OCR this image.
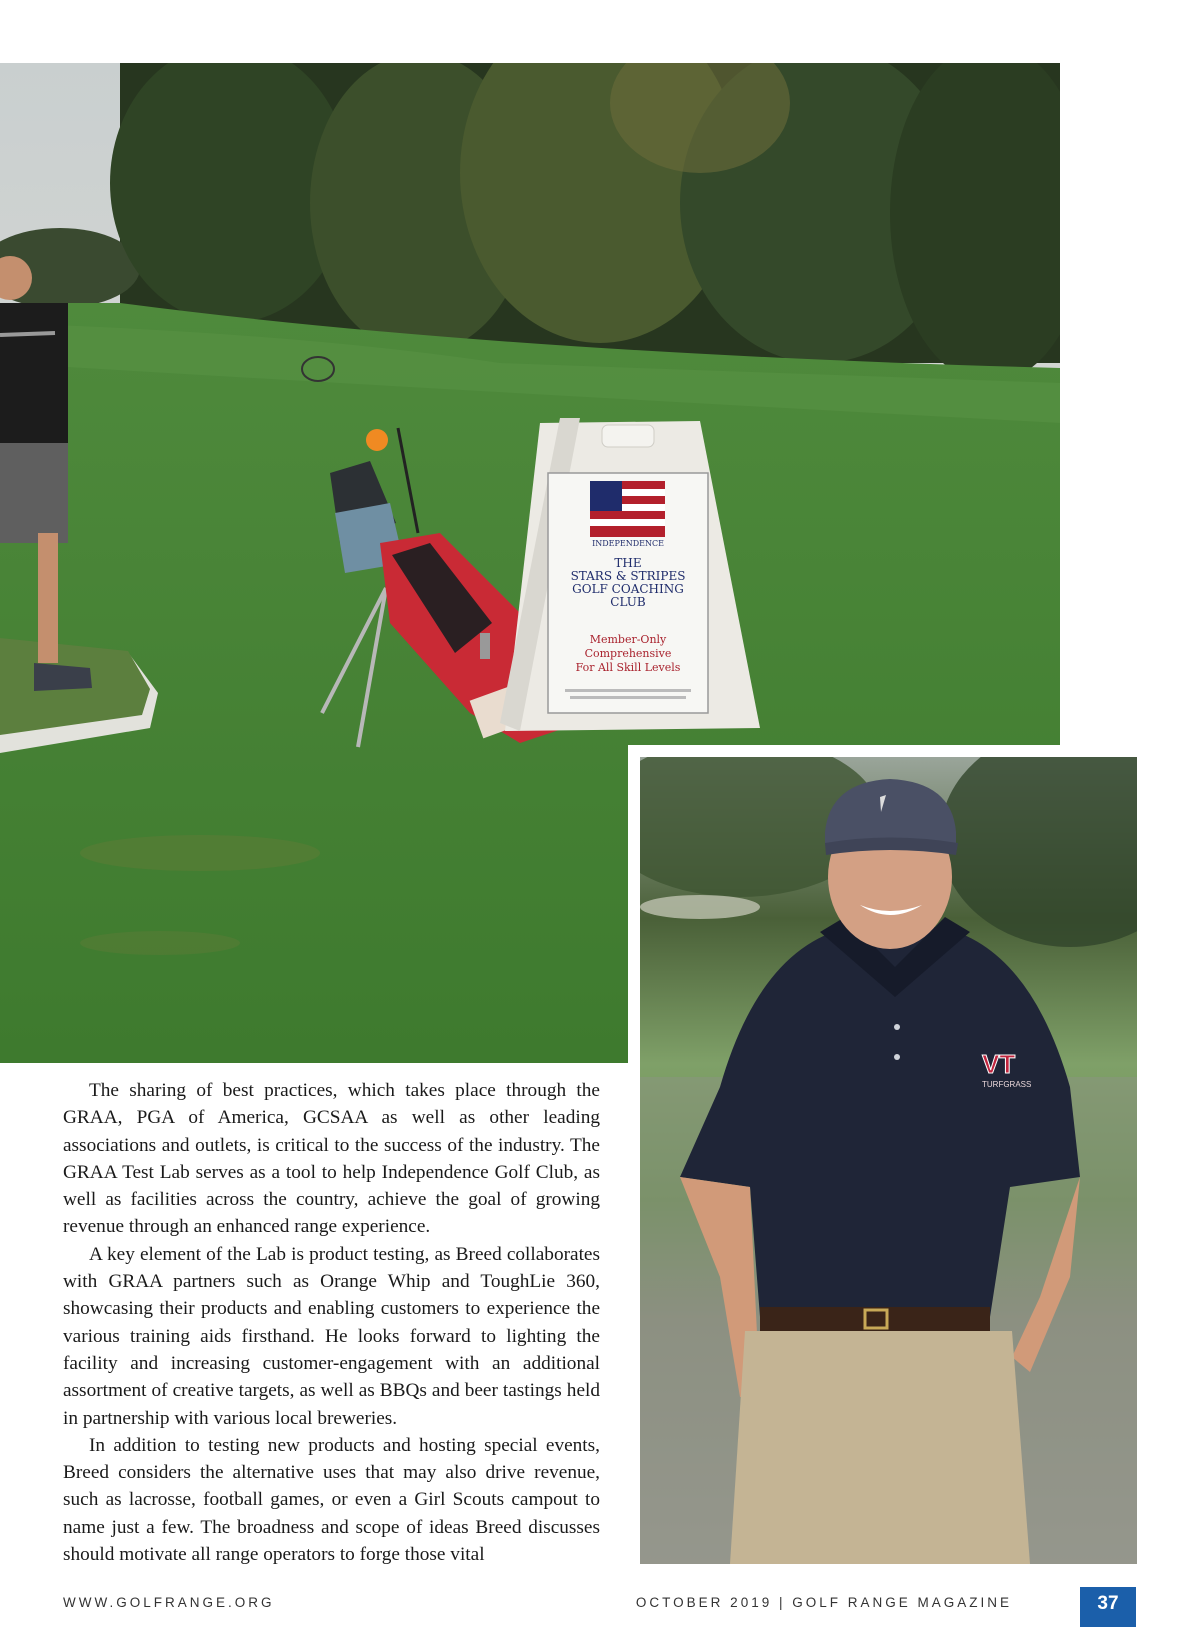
INDEPENDENCE
THE
STARS & STRIPES
GOLF COACHING
CLUB
Member-Only
Comprehensive
For All Skill Levels
VT
TURFGRASS

The sharing of best practices, which takes place through the GRAA, PGA of America, GCSAA as well as other leading associations and outlets, is critical to the success of the industry. The GRAA Test Lab serves as a tool to help Independence Golf Club, as well as facilities across the country, achieve the goal of growing revenue through an enhanced range experience.

A key element of the Lab is product testing, as Breed collaborates with GRAA partners such as Orange Whip and ToughLie 360, showcasing their products and enabling customers to experience the various training aids firsthand. He looks forward to lighting the facility and increasing customer-engagement with an additional assortment of creative targets, as well as BBQs and beer tastings held in partnership with various local breweries.

In addition to testing new products and hosting special events, Breed considers the alternative uses that may also drive revenue, such as lacrosse, football games, or even a Girl Scouts campout to name just a few. The broadness and scope of ideas Breed discusses should motivate all range operators to forge those vital

WWW.GOLFRANGE.ORG	OCTOBER 2019 | GOLF RANGE MAGAZINE	37
